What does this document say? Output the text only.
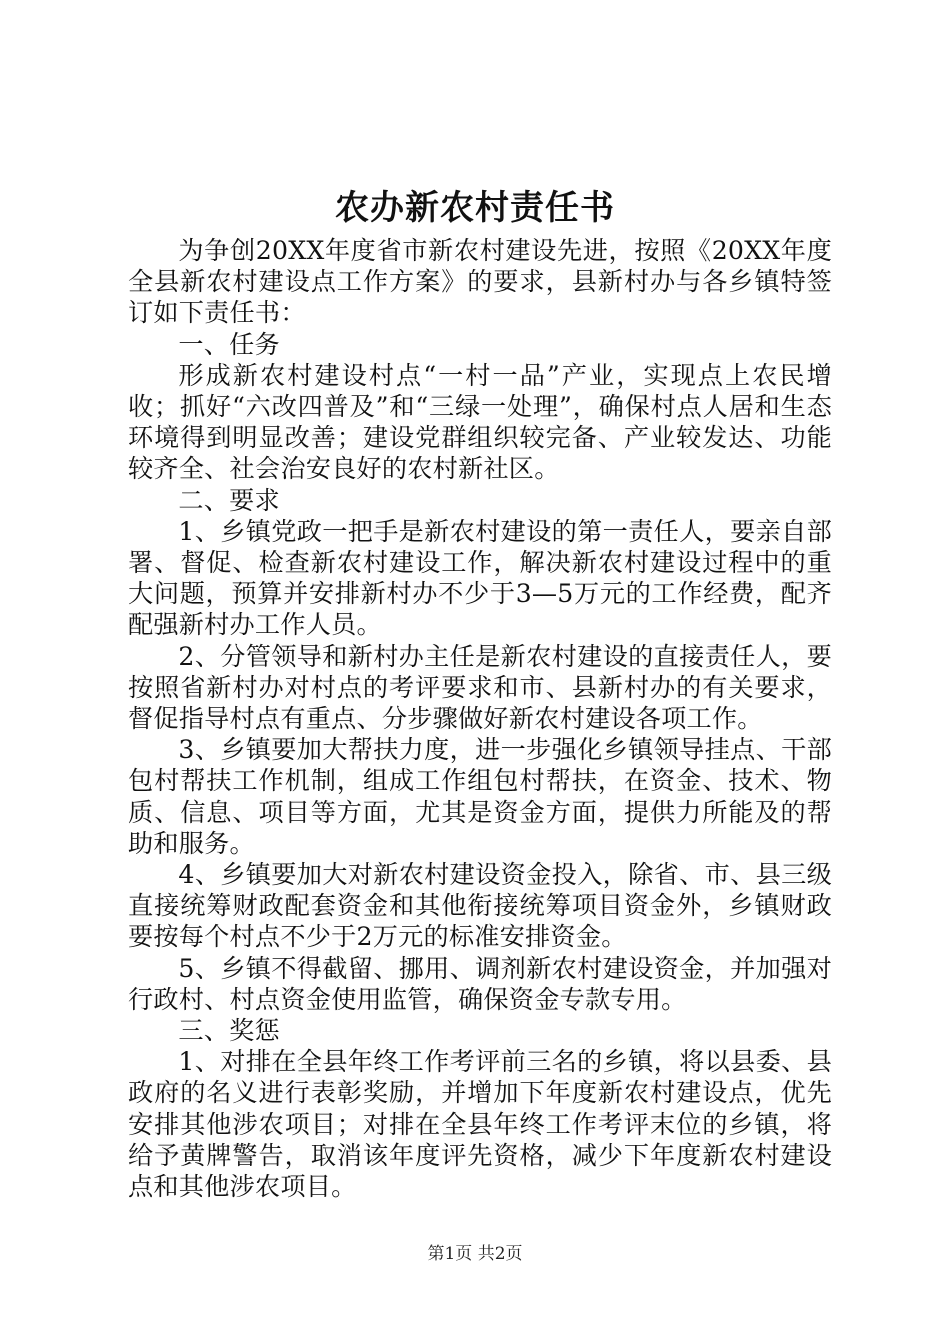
农办新农村责任书

为争创20XX年度省市新农村建设先进，按照《20XX年度全县新农村建设点工作方案》的要求，县新村办与各乡镇特签订如下责任书：

一、任务

形成新农村建设村点“一村一品”产业，实现点上农民增收；抓好“六改四普及”和“三绿一处理”，确保村点人居和生态环境得到明显改善；建设党群组织较完备、产业较发达、功能较齐全、社会治安良好的农村新社区。

二、要求

1、乡镇党政一把手是新农村建设的第一责任人，要亲自部署、督促、检查新农村建设工作，解决新农村建设过程中的重大问题，预算并安排新村办不少于3—5万元的工作经费，配齐配强新村办工作人员。

2、分管领导和新村办主任是新农村建设的直接责任人，要按照省新村办对村点的考评要求和市、县新村办的有关要求，督促指导村点有重点、分步骤做好新农村建设各项工作。

3、乡镇要加大帮扶力度，进一步强化乡镇领导挂点、干部包村帮扶工作机制，组成工作组包村帮扶，在资金、技术、物质、信息、项目等方面，尤其是资金方面，提供力所能及的帮助和服务。

4、乡镇要加大对新农村建设资金投入，除省、市、县三级直接统筹财政配套资金和其他衔接统筹项目资金外，乡镇财政要按每个村点不少于2万元的标准安排资金。

5、乡镇不得截留、挪用、调剂新农村建设资金，并加强对行政村、村点资金使用监管，确保资金专款专用。

三、奖惩

1、对排在全县年终工作考评前三名的乡镇，将以县委、县政府的名义进行表彰奖励，并增加下年度新农村建设点，优先安排其他涉农项目；对排在全县年终工作考评末位的乡镇，将给予黄牌警告，取消该年度评先资格，减少下年度新农村建设点和其他涉农项目。

第1页 共2页
